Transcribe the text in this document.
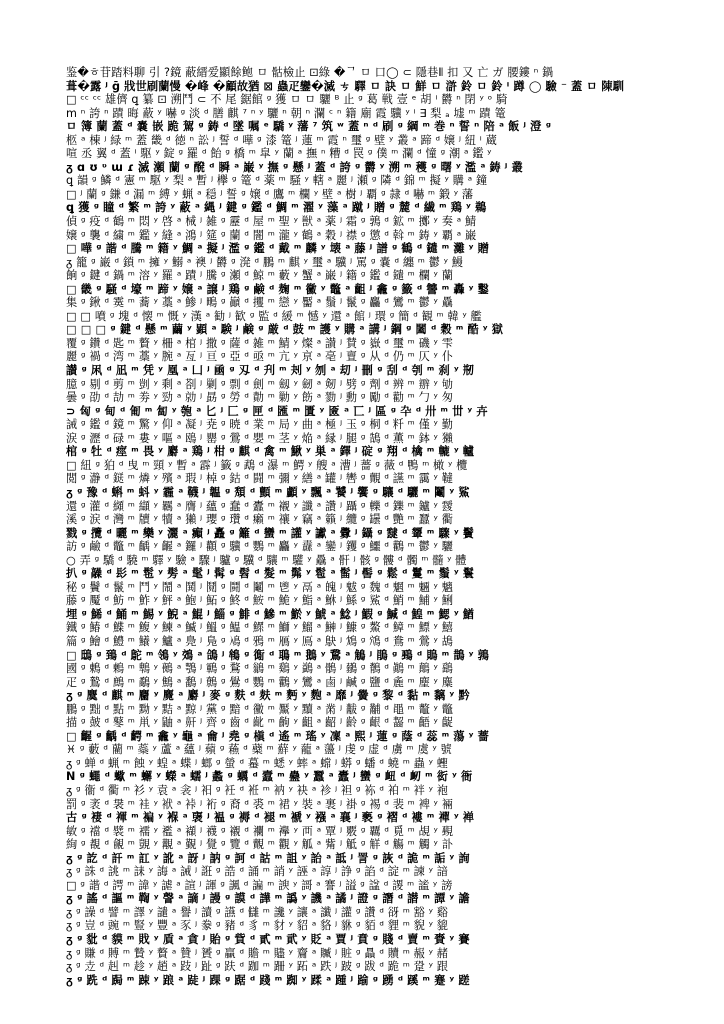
鉴�ㅎ苷踏料聊 引 ?鏡 蔽縉爱顯餘鲍 ㅁ 骷檢止 ⊡綠 �ᄀ ㅁ 口◯ ⊂ 隱巷⦀ 扣 又 亡 ガ 腰鏤 ⁿ 鍋
葺�露 ʲ ḡ 戕世刷蘭慢 �峰 �顧故猶 ⊠ 蟲疋鑾�滅 ㄘ 驛 ㅁ 訣 ㅁ 鮮 ㅁ 滸 鈴 ㅁ 鈴 ⁱ 蹲 ◯ 驗 ⁻ 蓋 ㅁ 陳馴
□ ᶜᶜ ᶜᶜ 雄儕 ꝗ 纂 ⊡ 溯鬥 ⊂ 不 尾 鋸館 ᵍ 獲 ㅁ ㅁ 驪 ᴮ 止 ᵍ 葛 戦 壹 ᵉ 胡 ⁱ 欝 ⁿ 閉 ʸ ᵒ 騎
m ⁿ 誇 ⁿ 蹟 晦 蔽 ʸ 嚇 ᵍ 淡 ᵈ 膳 麒 ⁷ ⁿ ʸ 驪 ⁿ 朝 ⁿ 瀾 ᶜ ⁿ 籍 廟 霞 驥 ʸ ⁱ ∃ 梨 ₐ 墟 ᵐ 蹟 篭
ㅁ 簿 蘭 蓋 ᵈ 嚢 嵌 跪 駕 ᵍ 鋳 ᵈ 墜 嘱 ᵉ 驕 ʸ 藩 ⁷ 筑 ʷ 蓋 ⁿ ᵈ 刷 ᵍ 綱 ᵐ 巻 ⁿ 誓 ⁿ 陪 ᵃ 飯 ʲ 澄 ᵍ
柩 ᵃ 棟 ʲ 緑 ᵐ 蓋 畿 ᵈ 徳 ⁿ 訟 ʲ 誓 ᵈ 嘩 ᵍ 漆 篭 ʲ 蓮 ᵐ 霞 ⁿ 璽 ᵍ 壁 ʸ 叢 ᵃ 蹄 ᵈ 嬢 ʲ 紐 ⁱ 蔵
喧 丞 翼 ᵈ 蓋 ⁱ 駆 ʸ 錠 ᵍ 羅 ᵈ 飴 ᵍ 橋 ᵐ 皐 ʸ 蘭 ᵃ 撫 ⁿ 糟 ᵈ 罠 ᵍ 僕 ᵐ 瀾 ᵈ 憧 ᵍ 潮 ᵃ 鑑 ʸ
ᵹ ɑ ʊ ᶹ ɯ ɾ 滅 瀬 蘭 ᵍ 醗 ᵈ 瞬 ᵃ 巌 ʸ 撫 ᵍ 懸 ʲ 蓋 ᵈ 誇 ᵍ 欝 ʸ 溯 ᵐ 穫 ᵍ 曙 ʸ 濫 ᵃ 鋳 ʲ 叢
ꝗ 韻 ᵍ 鱗 ᵈ 憲 ᵐ 駆 ʸ 梨 ᵃ 暫 ʲ 欅 ᵍ 篭 ᵈ 薬 ᵐ 騒 ʸ 轄 ᵃ 麗 ʲ 瀬 ᵍ 隣 ᵈ 錦 ᵐ 擬 ʸ 購 ᵃ 鐘
□ ʲ 蘭 ᵍ 鎌 ᵈ 漏 ᵐ 縛 ʸ 蝋 ᵃ 穏 ʲ 誓 ᵍ 嬢 ᵈ 鷹 ᵐ 欄 ʸ 壁 ᵃ 樹 ʲ 覇 ᵍ 隷 ᵈ 嚇 ᵐ 鍛 ʸ 藩
ꝗ 獲 ᵍ 瞳 ᵈ 繁 ᵐ 誇 ʸ 蔽 ᵃ 縄 ʲ 鍵 ᵍ 鑑 ᵈ 鯛 ᵐ 濯 ʸ 藻 ᵃ 蹴 ʲ 贈 ᵍ 麓 ᵈ 繊 ᵐ 鶏 ʸ 鵜
偵 ᵍ 疫 ᵈ 鶴 ᵐ 悶 ʸ 啓 ᵃ 械 ʲ 雑 ᵍ 靂 ᵈ 屋 ᵐ 聖 ʸ 獣 ᵃ 薬 ʲ 霜 ᵍ 鶉 ᵈ 鉱 ᵐ 擲 ʸ 奏 ᵃ 鯖
嬢 ᵍ 襲 ᵈ 繍 ᵐ 鑑 ʸ 縫 ᵃ 鴻 ʲ 筵 ᵍ 蘭 ᵈ 闇 ᵐ 瀧 ʸ 鶴 ᵃ 穀 ʲ 襟 ᵍ 懲 ᵈ 斡 ᵐ 鋳 ʸ 覇 ᵃ 巌
□ 嘩 ᵍ 諧 ᵈ 騰 ᵐ 籍 ʸ 鯛 ᵃ 擬 ʲ 濫 ᵍ 鑑 ᵈ 戴 ᵐ 麟 ʸ 壊 ᵃ 藤 ʲ 譜 ᵍ 鶴 ᵈ 鑓 ᵐ 灘 ʸ 贈
ᵹ 籠 ᵍ 巌 ᵈ 鎖 ᵐ 擁 ʸ 鰯 ᵃ 襖 ʲ 欝 ᵍ 溌 ᵈ 鵬 ᵐ 麒 ʸ 璽 ᵃ 驥 ʲ 罵 ᵍ 嚢 ᵈ 纏 ᵐ 鬱 ʸ 鰻
餉 ᵍ 鍵 ᵈ 鍋 ᵐ 溶 ʸ 羅 ᵃ 蹟 ʲ 騰 ᵍ 瀬 ᵈ 鯨 ᵐ 藪 ʸ 蟹 ᵃ 巌 ʲ 籍 ᵍ 鑑 ᵈ 鑓 ᵐ 欄 ʸ 蘭
□ 畿 ᵍ 騒 ᵈ 壕 ᵐ 蹄 ʸ 嬢 ᵃ 譲 ʲ 鶏 ᵍ 鹸 ᵈ 麹 ᵐ 黴 ʸ 鼈 ᵃ 齟 ʲ 龕 ᵍ 籤 ᵈ 讐 ᵐ 轟 ʸ 鑿
集 ᵍ 鍬 ᵈ 霙 ᵐ 蕎 ʸ 藁 ᵃ 鯵 ʲ 鴫 ᵍ 巓 ᵈ 攫 ᵐ 戀 ʸ 靨 ᵃ 鬚 ʲ 鬣 ᵍ 麤 ᵈ 鸞 ᵐ 鬱 ʸ 驫
□ □ 噴 ᵍ 塊 ᵈ 懐 ᵐ 慨 ʸ 漢 ᵃ 勧 ʲ 歓 ᵍ 監 ᵈ 緩 ᵐ 憾 ʸ 還 ᵃ 館 ʲ 環 ᵍ 簡 ᵈ 観 ᵐ 韓 ʸ 艦
□ □ □ ᵍ 鍵 ᵈ 懸 ᵐ 繭 ʸ 顕 ᵃ 験 ʲ 鹸 ᵍ 厳 ᵈ 鼓 ᵐ 護 ʸ 購 ᵃ 講 ʲ 鋼 ᵍ 闔 ᵈ 穀 ᵐ 酷 ʸ 獄
覆 ᵍ 鑽 ᵈ 匙 ᵐ 贅 ʸ 柵 ᵃ 棺 ʲ 撒 ᵍ 薩 ᵈ 雑 ᵐ 鯖 ʸ 燦 ᵃ 讃 ʲ 賛 ᵍ 嶽 ᵈ 璽 ᵐ 磯 ʸ 雫
麗 ᵍ 禍 ᵈ 湾 ᵐ 藁 ʸ 腕 ᵃ 亙 ʲ 亘 ᵍ 亞 ᵈ 亟 ᵐ 亢 ʸ 亰 ᵃ 亳 ʲ 亶 ᵍ 从 ᵈ 仍 ᵐ 仄 ʸ 仆
讃 ᵍ 凩 ᵈ 凪 ᵐ 凭 ʸ 凰 ᵃ 凵 ʲ 凾 ᵍ 刄 ᵈ 刋 ᵐ 刔 ʸ 刎 ᵃ 刧 ʲ 刪 ᵍ 刮 ᵈ 刳 ᵐ 刹 ʸ 剏
臆 ᵍ 剔 ᵈ 剪 ᵐ 剴 ʸ 剩 ᵃ 剳 ʲ 剿 ᵍ 剽 ᵈ 劍 ᵐ 劔 ʸ 劒 ᵃ 剱 ʲ 劈 ᵍ 劑 ᵈ 辨 ᵐ 辧 ʸ 劬
曇 ᵍ 劭 ᵈ 劼 ᵐ 劵 ʸ 勁 ᵃ 勍 ʲ 勗 ᵍ 勞 ᵈ 勣 ᵐ 勦 ʸ 飭 ᵃ 勠 ʲ 勳 ᵍ 勵 ᵈ 勸 ᵐ 勹 ʸ 匆
⊃ 匈 ᵍ 甸 ᵈ 匍 ᵐ 匐 ʸ 匏 ᵃ 匕 ʲ 匚 ᵍ 匣 ᵈ 匯 ᵐ 匱 ʸ 匳 ᵃ 匸 ʲ 區 ᵍ 卆 ᵈ 卅 ᵐ 丗 ʸ 卉
誡 ᵍ 鑑 ᵈ 鏡 ᵐ 驚 ʸ 仰 ᵃ 凝 ʲ 尭 ᵍ 暁 ᵈ 業 ᵐ 局 ʸ 曲 ᵃ 極 ʲ 玉 ᵍ 桐 ᵈ 粁 ᵐ 僅 ʸ 勤
涙 ᵍ 瀝 ᵈ 碌 ᵐ 婁 ʸ 嘔 ᵃ 鴎 ʲ 罌 ᵍ 鶯 ᵈ 嬰 ᵐ 茎 ʸ 焔 ᵃ 縁 ʲ 腿 ᵍ 鵠 ᵈ 薫 ᵐ 鉢 ʸ 獺
棺 ᵍ 牡 ᵈ 痙 ᵐ 畏 ʸ 麝 ᵃ 鶏 ʲ 柑 ᵍ 麒 ᵈ 禽 ᵐ 鰍 ʸ 巣 ᵃ 鐸 ʲ 碇 ᵍ 翔 ᵈ 檎 ᵐ 轆 ʸ 轤
□ 紐 ᵍ 狛 ᵈ 曳 ᵐ 頸 ʸ 暫 ᵃ 霹 ʲ 籤 ᵍ 鵡 ᵈ 瀑 ᵐ 鰐 ʸ 艘 ᵃ 漕 ʲ 薔 ᵍ 薇 ᵈ 鴨 ᵐ 橄 ʸ 欖
閲 ᵍ 瀞 ᵈ 鎹 ᵐ 燐 ʸ 殯 ᵃ 瑕 ʲ 棹 ᵍ 鈷 ᵈ 闘 ᵐ 彌 ʸ 繕 ᵃ 罐 ʲ 轡 ᵍ 覿 ᵈ 讌 ᵐ 靄 ʸ 韃
ᵹ ᵍ 豫 ᵈ 蝌 ᵐ 蚪 ʸ 霾 ᵃ 韈 ʲ 韞 ᵍ 頽 ᵈ 顫 ᵐ 顱 ʸ 飄 ᵃ 饕 ʲ 饗 ᵍ 驤 ᵈ 驪 ᵐ 鬮 ʸ 鯊
還 ᵍ 灌 ᵈ 纐 ᵐ 纈 ʸ 羈 ᵃ 膺 ʲ 蘊 ᵍ 蠢 ᵈ 蠹 ᵐ 襯 ʸ 讖 ᵃ 讚 ʲ 躡 ᵍ 轢 ᵈ 鑠 ᵐ 鑪 ʸ 靉
溪 ᵍ 涙 ᵈ 灣 ᵐ 牘 ʸ 犢 ᵃ 獺 ʲ 瓔 ᵍ 瓚 ᵈ 癩 ᵐ 禳 ʸ 竊 ᵃ 籟 ʲ 纜 ᵍ 罎 ᵈ 艷 ᵐ 蠶 ʸ 衢
戮 ᵍ 攬 ᵈ 曬 ᵐ 欒 ʸ 灑 ᵃ 癲 ʲ 矗 ᵍ 籬 ᵈ 蠻 ᵐ 讙 ʸ 讞 ᵃ 釁 ʲ 鑷 ᵍ 靆 ᵈ 顰 ᵐ 驟 ʸ 鬢
訪 ᵍ 鹼 ᵈ 鼈 ᵐ 齲 ʸ 齷 ᵃ 鑼 ʲ 顴 ᵍ 驥 ᵈ 鸚 ᵐ 麤 ʸ 纛 ᵃ 鑾 ʲ 钁 ᵍ 鱷 ᵈ 鸛 ᵐ 鬱 ʸ 驪
○ 弄 ᵍ 驕 ᵈ 驍 ᵐ 驛 ʸ 驗 ᵃ 驟 ʲ 驢 ᵍ 驥 ᵈ 驤 ᵐ 驩 ʸ 驫 ᵃ 骭 ʲ 骸 ᵍ 髏 ᵈ 髑 ᵐ 髓 ʸ 體
扒 ᵍ 髞 ᵈ 髟 ᵐ 髢 ʸ 髣 ᵃ 髦 ʲ 髯 ᵍ 髫 ᵈ 髮 ᵐ 髴 ʸ 髱 ᵃ 髷 ʲ 髻 ᵍ 鬆 ᵈ 鬘 ᵐ 鬚 ʸ 鬟
秘 ᵍ 鬢 ᵈ 鬣 ᵐ 鬥 ʸ 鬧 ᵃ 鬨 ʲ 鬩 ᵍ 鬪 ᵈ 鬮 ᵐ 鬯 ʸ 鬲 ᵃ 魄 ʲ 魃 ᵍ 魏 ᵈ 魍 ᵐ 魎 ʸ 魑
藤 ᵍ 魘 ᵈ 魴 ᵐ 鮓 ʸ 鮃 ᵃ 鮑 ʲ 鮖 ᵍ 鮗 ᵈ 鮟 ᵐ 鮠 ʸ 鮨 ᵃ 鮴 ʲ 鯀 ᵍ 鯊 ᵈ 鮹 ᵐ 鯆 ʸ 鯏
埋 ᵍ 鯑 ᵈ 鯒 ᵐ 鯣 ʸ 鯢 ᵃ 鯤 ʲ 鯔 ᵍ 鯡 ᵈ 鰺 ᵐ 鯲 ʸ 鯱 ᵃ 鯰 ʲ 鰕 ᵍ 鰔 ᵈ 鰉 ᵐ 鰓 ʸ 鰌
鐵 ᵍ 鰆 ᵈ 鰈 ᵐ 鰒 ʸ 鰊 ᵃ 鰄 ʲ 鰮 ᵍ 鰛 ᵈ 鰥 ᵐ 鰤 ʸ 鰡 ᵃ 鰰 ʲ 鱇 ᵍ 鰲 ᵈ 鱆 ᵐ 鰾 ʸ 鱚
篇 ᵍ 鱠 ᵈ 鱧 ᵐ 鱶 ʸ 鱸 ᵃ 鳧 ʲ 鳬 ᵍ 鳰 ᵈ 鴉 ᵐ 鴈 ʸ 鳫 ᵃ 鴃 ʲ 鴆 ᵍ 鴪 ᵈ 鴦 ᵐ 鶯 ʸ 鴣
□ 鴟 ᵍ 鵄 ᵈ 鴕 ᵐ 鴒 ʸ 鵁 ᵃ 鴿 ʲ 鴾 ᵍ 鵆 ᵈ 鵈 ᵐ 鵝 ʸ 鵞 ᵃ 鵤 ʲ 鵑 ᵍ 鵐 ᵈ 鵙 ᵐ 鵲 ʸ 鶉
國 ᵍ 鶇 ᵈ 鶫 ᵐ 鵯 ʸ 鵺 ᵃ 鶚 ʲ 鶤 ᵍ 鶩 ᵈ 鶲 ᵐ 鷄 ʸ 鷁 ᵃ 鶻 ʲ 鶸 ᵍ 鶺 ᵈ 鷆 ᵐ 鷏 ʸ 鷂
疋 ᵍ 鷙 ᵈ 鷓 ᵐ 鷸 ʸ 鷦 ᵃ 鷭 ʲ 鷯 ᵍ 鷽 ᵈ 鸚 ᵐ 鸛 ʸ 鸞 ᵃ 鹵 ʲ 鹹 ᵍ 鹽 ᵈ 麁 ᵐ 麈 ʸ 麋
ᵹ ᵍ 麌 ᵈ 麒 ᵐ 麕 ʸ 麑 ᵃ 麝 ʲ 麥 ᵍ 麩 ᵈ 麸 ᵐ 麪 ʸ 麭 ᵃ 靡 ʲ 黌 ᵍ 黎 ᵈ 黏 ᵐ 黐 ʸ 黔
鵬 ᵍ 黜 ᵈ 點 ᵐ 黝 ʸ 黠 ᵃ 黥 ʲ 黨 ᵍ 黯 ᵈ 黴 ᵐ 黶 ʸ 黷 ᵃ 黹 ʲ 黻 ᵍ 黼 ᵈ 黽 ᵐ 鼇 ʸ 鼈
描 ᵍ 皷 ᵈ 鼕 ᵐ 鼡 ʸ 鼬 ᵃ 鼾 ʲ 齊 ᵍ 齒 ᵈ 齔 ᵐ 齣 ʸ 齟 ᵃ 齠 ʲ 齡 ᵍ 齦 ᵈ 齧 ᵐ 齬 ʸ 齪
□ 齷 ᵍ 齲 ᵈ 齶 ᵐ 龕 ʸ 龜 ᵃ 龠 ʲ 堯 ᵍ 槇 ᵈ 遙 ᵐ 瑤 ʸ 凜 ᵃ 熙 ʲ 蓮 ᵍ 蔭 ᵈ 蕊 ᵐ 蕩 ʸ 薔
♓ ᵍ 藪 ᵈ 藺 ᵐ 蘂 ʸ 蘆 ᵃ 蘊 ʲ 蘋 ᵍ 蘓 ᵈ 蘗 ᵐ 蘚 ʸ 蘢 ᵃ 蘯 ʲ 虔 ᵍ 虚 ᵈ 虜 ᵐ 虞 ʸ 號
ᵹ ᵍ 蝉 ᵈ 蝋 ᵐ 蝕 ʸ 蝗 ᵃ 蝶 ʲ 螂 ᵍ 螢 ᵈ 蟇 ᵐ 蟋 ʸ 蟀 ᵃ 蟐 ʲ 蟒 ᵍ 蟠 ᵈ 蟯 ᵐ 蟲 ʸ 蟶
N ᵍ 蠅 ᵈ 蠍 ᵐ 蠏 ʸ 蠑 ᵃ 蠕 ʲ 蠡 ᵍ 蠣 ᵈ 蠧 ᵐ 蠱 ʸ 蠶 ᵃ 蠹 ʲ 蠻 ᵍ 衄 ᵈ 衂 ᵐ 衒 ʸ 衙
ᵹ ᵍ 衞 ᵈ 衢 ᵐ 衫 ʸ 袁 ᵃ 衾 ʲ 衵 ᵍ 衽 ᵈ 袵 ᵐ 衲 ʸ 袂 ᵃ 袗 ʲ 袒 ᵍ 袮 ᵈ 袙 ᵐ 袢 ʸ 袍
罰 ᵍ 袤 ᵈ 袰 ᵐ 袿 ʸ 袱 ᵃ 裃 ʲ 裄 ᵍ 裔 ᵈ 裘 ᵐ 裙 ʸ 裝 ᵃ 裹 ʲ 褂 ᵍ 裼 ᵈ 裴 ᵐ 裨 ʸ 裲
古 ᵍ 褄 ᵈ 褌 ᵐ 褊 ʸ 褓 ᵃ 襃 ʲ 褞 ᵍ 褥 ᵈ 褪 ᵐ 褫 ʸ 襁 ᵃ 襄 ʲ 褻 ᵍ 褶 ᵈ 褸 ᵐ 襌 ʸ 褝
敏 ᵍ 襠 ᵈ 襞 ᵐ 襦 ʸ 襤 ᵃ 襭 ʲ 襪 ᵍ 襯 ᵈ 襴 ᵐ 襷 ʸ 襾 ᵃ 覃 ʲ 覈 ᵍ 覊 ᵈ 覓 ᵐ 覘 ʸ 覡
絢 ᵍ 覩 ᵈ 覦 ᵐ 覬 ʸ 覯 ᵃ 覲 ʲ 覺 ᵍ 覽 ᵈ 覿 ᵐ 觀 ʸ 觚 ᵃ 觜 ʲ 觝 ᵍ 觧 ᵈ 觴 ᵐ 觸 ʸ 訃
ᵹ ᵍ 訖 ᵈ 訐 ᵐ 訌 ʸ 訛 ᵃ 訝 ʲ 訥 ᵍ 訶 ᵈ 詁 ᵐ 詛 ʸ 詒 ᵃ 詆 ʲ 詈 ᵍ 詼 ᵈ 詭 ᵐ 詬 ʸ 詢
ᵹ ᵍ 誅 ᵈ 誂 ᵐ 誄 ʸ 誨 ᵃ 誡 ʲ 誑 ᵍ 誥 ᵈ 誦 ᵐ 誚 ʸ 誣 ᵃ 諄 ʲ 諍 ᵍ 諂 ᵈ 諚 ᵐ 諫 ʸ 諳
□ ᵍ 諧 ᵈ 諤 ᵐ 諱 ʸ 謔 ᵃ 諠 ʲ 諢 ᵍ 諷 ᵈ 諞 ᵐ 諛 ʸ 謌 ᵃ 謇 ʲ 謚 ᵍ 諡 ᵈ 謖 ᵐ 謐 ʸ 謗
ᵹ ᵍ 謠 ᵈ 謳 ᵐ 鞫 ʸ 謦 ᵃ 謫 ʲ 謾 ᵍ 謨 ᵈ 譁 ᵐ 譌 ʸ 譏 ᵃ 譎 ʲ 證 ᵍ 譖 ᵈ 譛 ᵐ 譚 ʸ 譫
ᵹ ᵍ 譟 ᵈ 譬 ᵐ 譯 ʸ 譴 ᵃ 譽 ʲ 讀 ᵍ 讌 ᵈ 讎 ᵐ 讒 ʸ 讓 ᵃ 讖 ʲ 讙 ᵍ 讚 ᵈ 谺 ᵐ 豁 ʸ 谿
ᵹ ᵍ 豈 ᵈ 豌 ᵐ 豎 ʸ 豐 ᵃ 豕 ʲ 豢 ᵍ 豬 ᵈ 豸 ᵐ 豺 ʸ 貂 ᵃ 貉 ʲ 貅 ᵍ 貊 ᵈ 貍 ᵐ 貎 ʸ 貔
ᵹ ᵍ 豼 ᵈ 貘 ᵐ 戝 ʸ 貭 ᵃ 貪 ʲ 貽 ᵍ 貲 ᵈ 貳 ᵐ 貮 ʸ 貶 ᵃ 賈 ʲ 賁 ᵍ 賤 ᵈ 賣 ᵐ 賚 ʸ 賽
ᵹ ᵍ 賺 ᵈ 賻 ᵐ 贄 ʸ 贅 ᵃ 贊 ʲ 贇 ᵍ 贏 ᵈ 贍 ᵐ 贐 ʸ 齎 ᵃ 贓 ʲ 賍 ᵍ 贔 ᵈ 贖 ᵐ 赧 ʸ 赭
ᵹ ᵍ 赱 ᵈ 赳 ᵐ 趁 ʸ 趙 ᵃ 跂 ʲ 趾 ᵍ 趺 ᵈ 跏 ᵐ 跚 ʸ 跖 ᵃ 跌 ʲ 跛 ᵍ 跋 ᵈ 跪 ᵐ 跫 ʸ 跟
ᵹ ᵍ 跣 ᵈ 跼 ᵐ 踈 ʸ 踉 ᵃ 跿 ʲ 踝 ᵍ 踞 ᵈ 踐 ᵐ 踟 ʸ 蹂 ᵃ 踵 ʲ 踰 ᵍ 踴 ᵈ 蹊 ᵐ 蹇 ʸ 蹉
